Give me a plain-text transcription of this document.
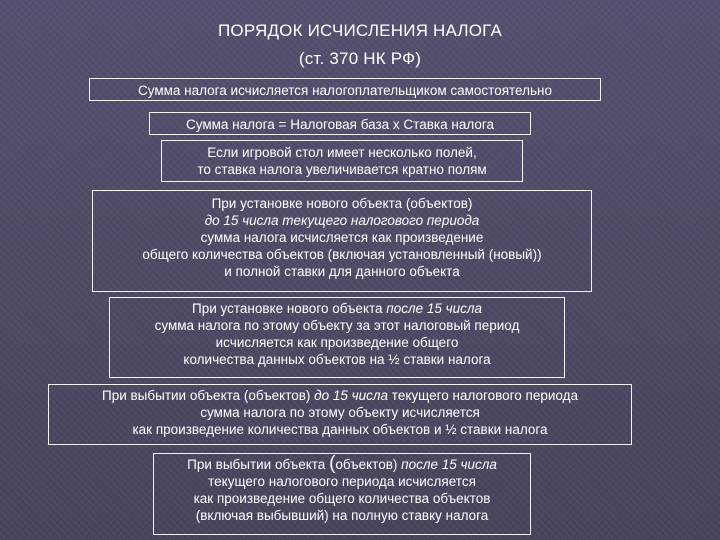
ПОРЯДОК ИСЧИСЛЕНИЯ НАЛОГА
(ст. 370 НК РФ)
Сумма налога исчисляется налогоплательщиком самостоятельно
Сумма налога = Налоговая база х Ставка налога
Если игровой стол имеет несколько полей,
то ставка налога увеличивается кратно полям
При установке нового объекта (объектов)
до 15 числа текущего налогового периода
сумма налога исчисляется как произведение
общего количества объектов (включая установленный (новый))
и полной ставки для данного объекта
При установке нового объекта после 15 числа
сумма налога по этому объекту за этот налоговый период
исчисляется как произведение общего
количества данных объектов на ½ ставки налога
При выбытии объекта (объектов) до 15 числа текущего налогового периода
сумма налога по этому объекту исчисляется
как произведение количества данных объектов и ½ ставки налога
При выбытии объекта (объектов) после 15 числа
текущего налогового периода исчисляется
как произведение общего количества объектов
(включая выбывший) на полную ставку налога
